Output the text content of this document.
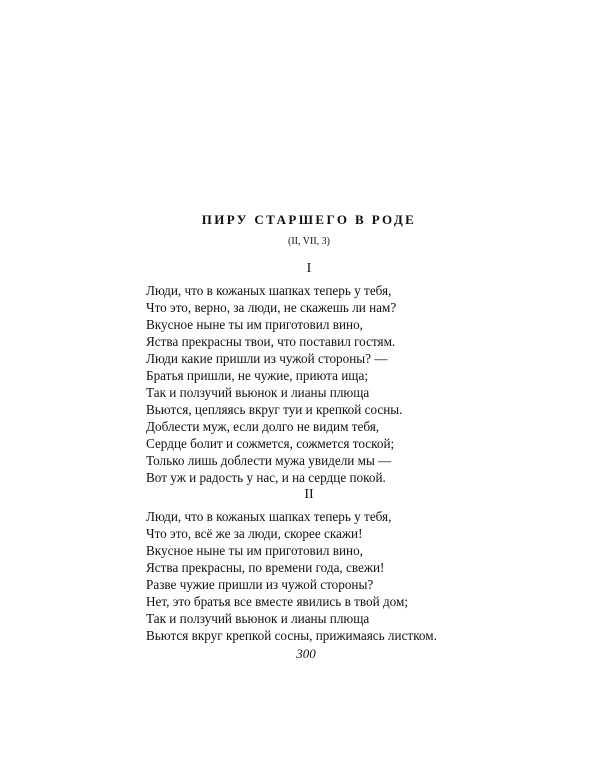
ПИРУ СТАРШЕГО В РОДЕ

(II, VII, 3)

I

Люди, что в кожаных шапках теперь у тебя,
Что это, верно, за люди, не скажешь ли нам?
Вкусное ныне ты им приготовил вино,
Яства прекрасны твои, что поставил гостям.
Люди какие пришли из чужой стороны? —
Братья пришли, не чужие, приюта ища;
Так и ползучий вьюнок и лианы плюща
Вьются, цепляясь вкруг туи и крепкой сосны.
Доблести муж, если долго не видим тебя,
Сердце болит и сожмется, сожмется тоской;
Только лишь доблести мужа увидели мы —
Вот уж и радость у нас, и на сердце покой.

II

Люди, что в кожаных шапках теперь у тебя,
Что это, всё же за люди, скорее скажи!
Вкусное ныне ты им приготовил вино,
Яства прекрасны, по времени года, свежи!
Разве чужие пришли из чужой стороны?
Нет, это братья все вместе явились в твой дом;
Так и ползучий вьюнок и лианы плюща
Вьются вкруг крепкой сосны, прижимаясь листком.

300
